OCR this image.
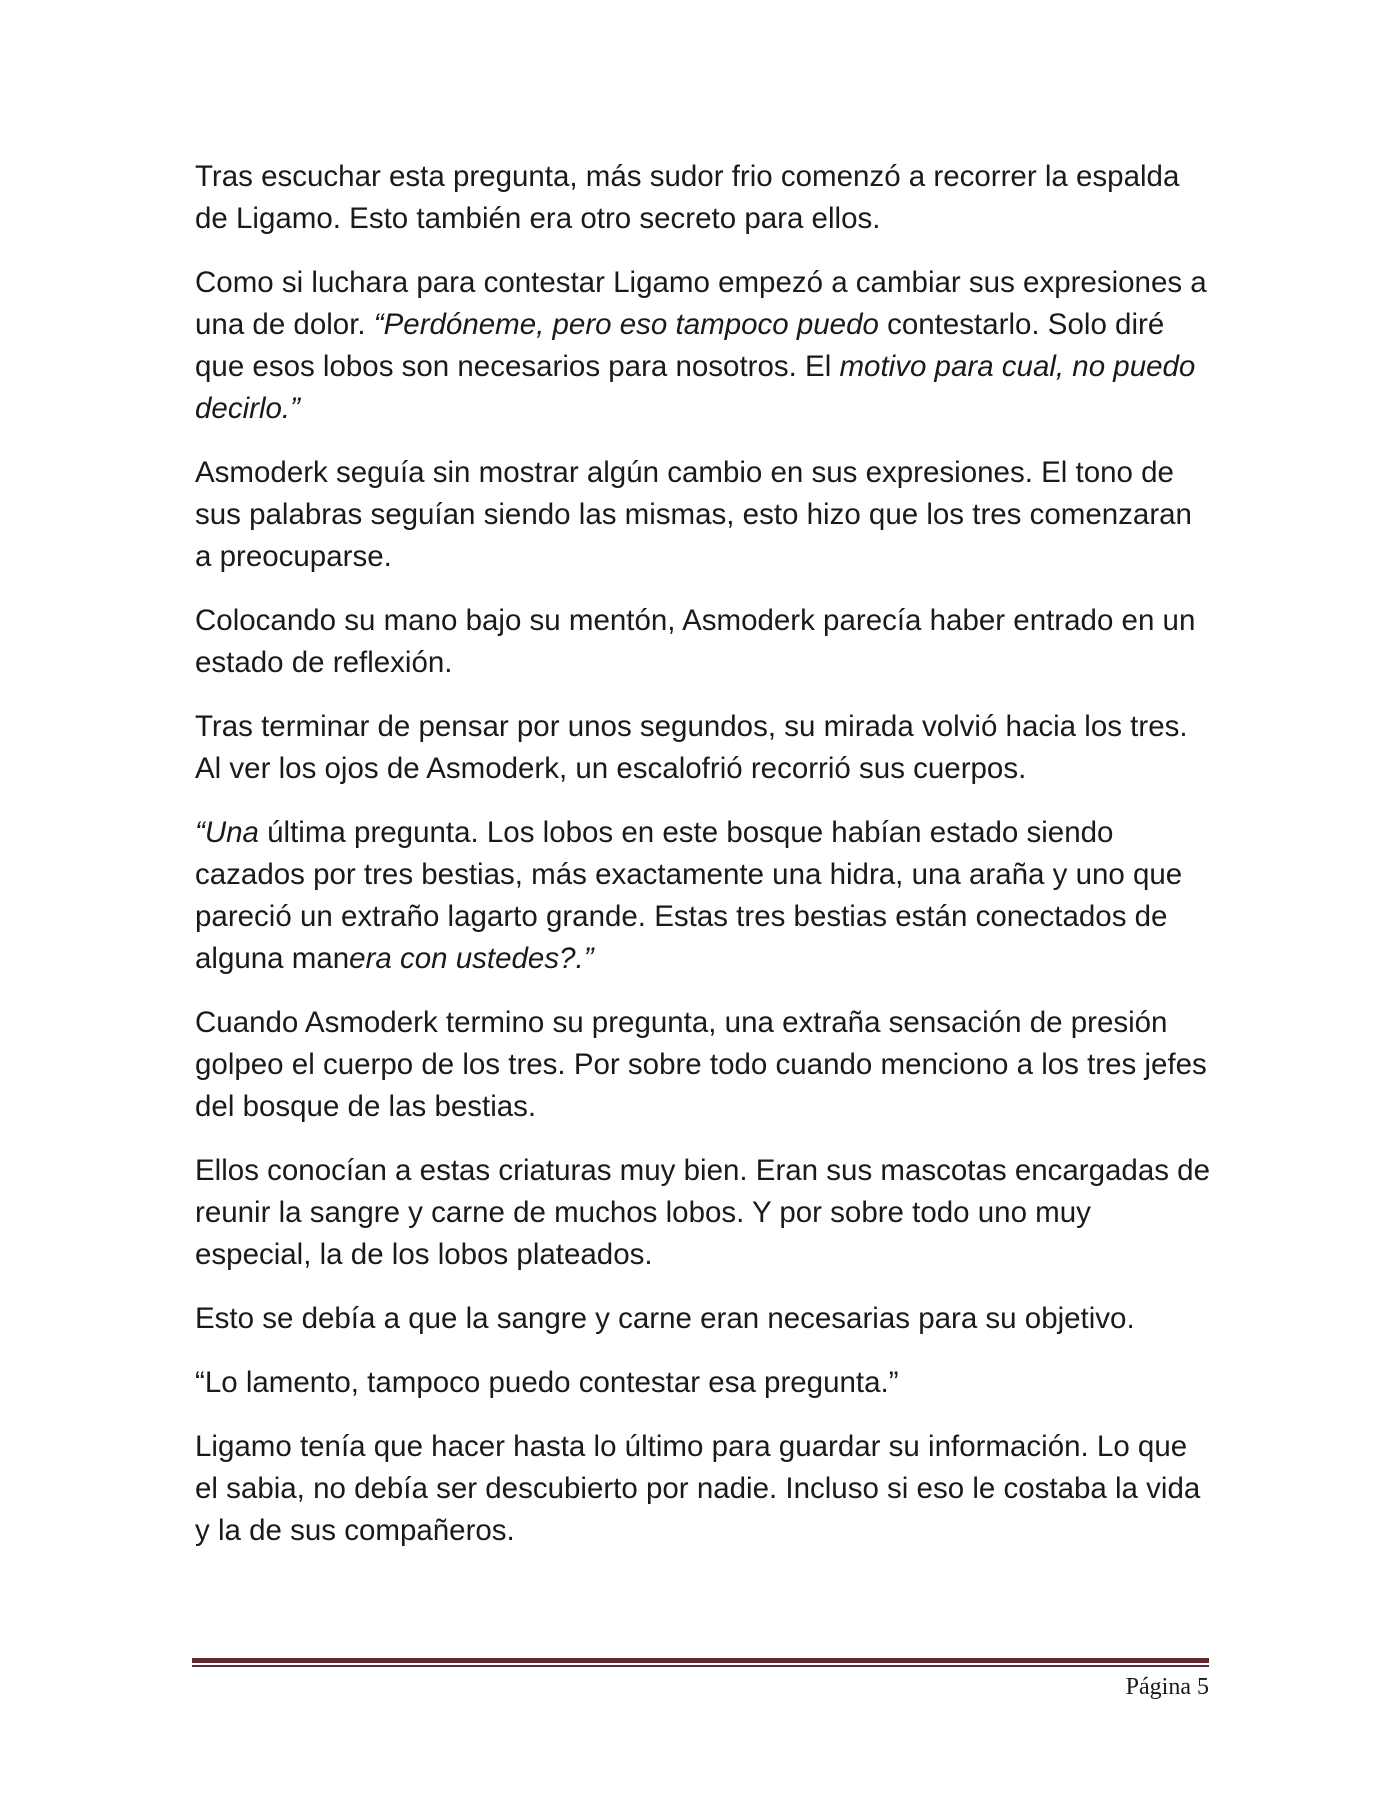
Tras escuchar esta pregunta, más sudor frio comenzó a recorrer la espalda de Ligamo. Esto también era otro secreto para ellos.

Como si luchara para contestar Ligamo empezó a cambiar sus expresiones a una de dolor. “Perdóneme, pero eso tampoco puedo contestarlo. Solo diré que esos lobos son necesarios para nosotros. El motivo para cual, no puedo decirlo.”

Asmoderk seguía sin mostrar algún cambio en sus expresiones. El tono de sus palabras seguían siendo las mismas, esto hizo que los tres comenzaran a preocuparse.

Colocando su mano bajo su mentón, Asmoderk parecía haber entrado en un estado de reflexión.

Tras terminar de pensar por unos segundos, su mirada volvió hacia los tres. Al ver los ojos de Asmoderk, un escalofrió recorrió sus cuerpos.

“Una última pregunta. Los lobos en este bosque habían estado siendo cazados por tres bestias, más exactamente una hidra, una araña y uno que pareció un extraño lagarto grande. Estas tres bestias están conectados de alguna manera con ustedes?.”

Cuando Asmoderk termino su pregunta, una extraña sensación de presión golpeo el cuerpo de los tres. Por sobre todo cuando menciono a los tres jefes del bosque de las bestias.

Ellos conocían a estas criaturas muy bien. Eran sus mascotas encargadas de reunir la sangre y carne de muchos lobos. Y por sobre todo uno muy especial, la de los lobos plateados.

Esto se debía a que la sangre y carne eran necesarias para su objetivo.

“Lo lamento, tampoco puedo contestar esa pregunta.”

Ligamo tenía que hacer hasta lo último para guardar su información. Lo que el sabia, no debía ser descubierto por nadie. Incluso si eso le costaba la vida y la de sus compañeros.

Página 5
